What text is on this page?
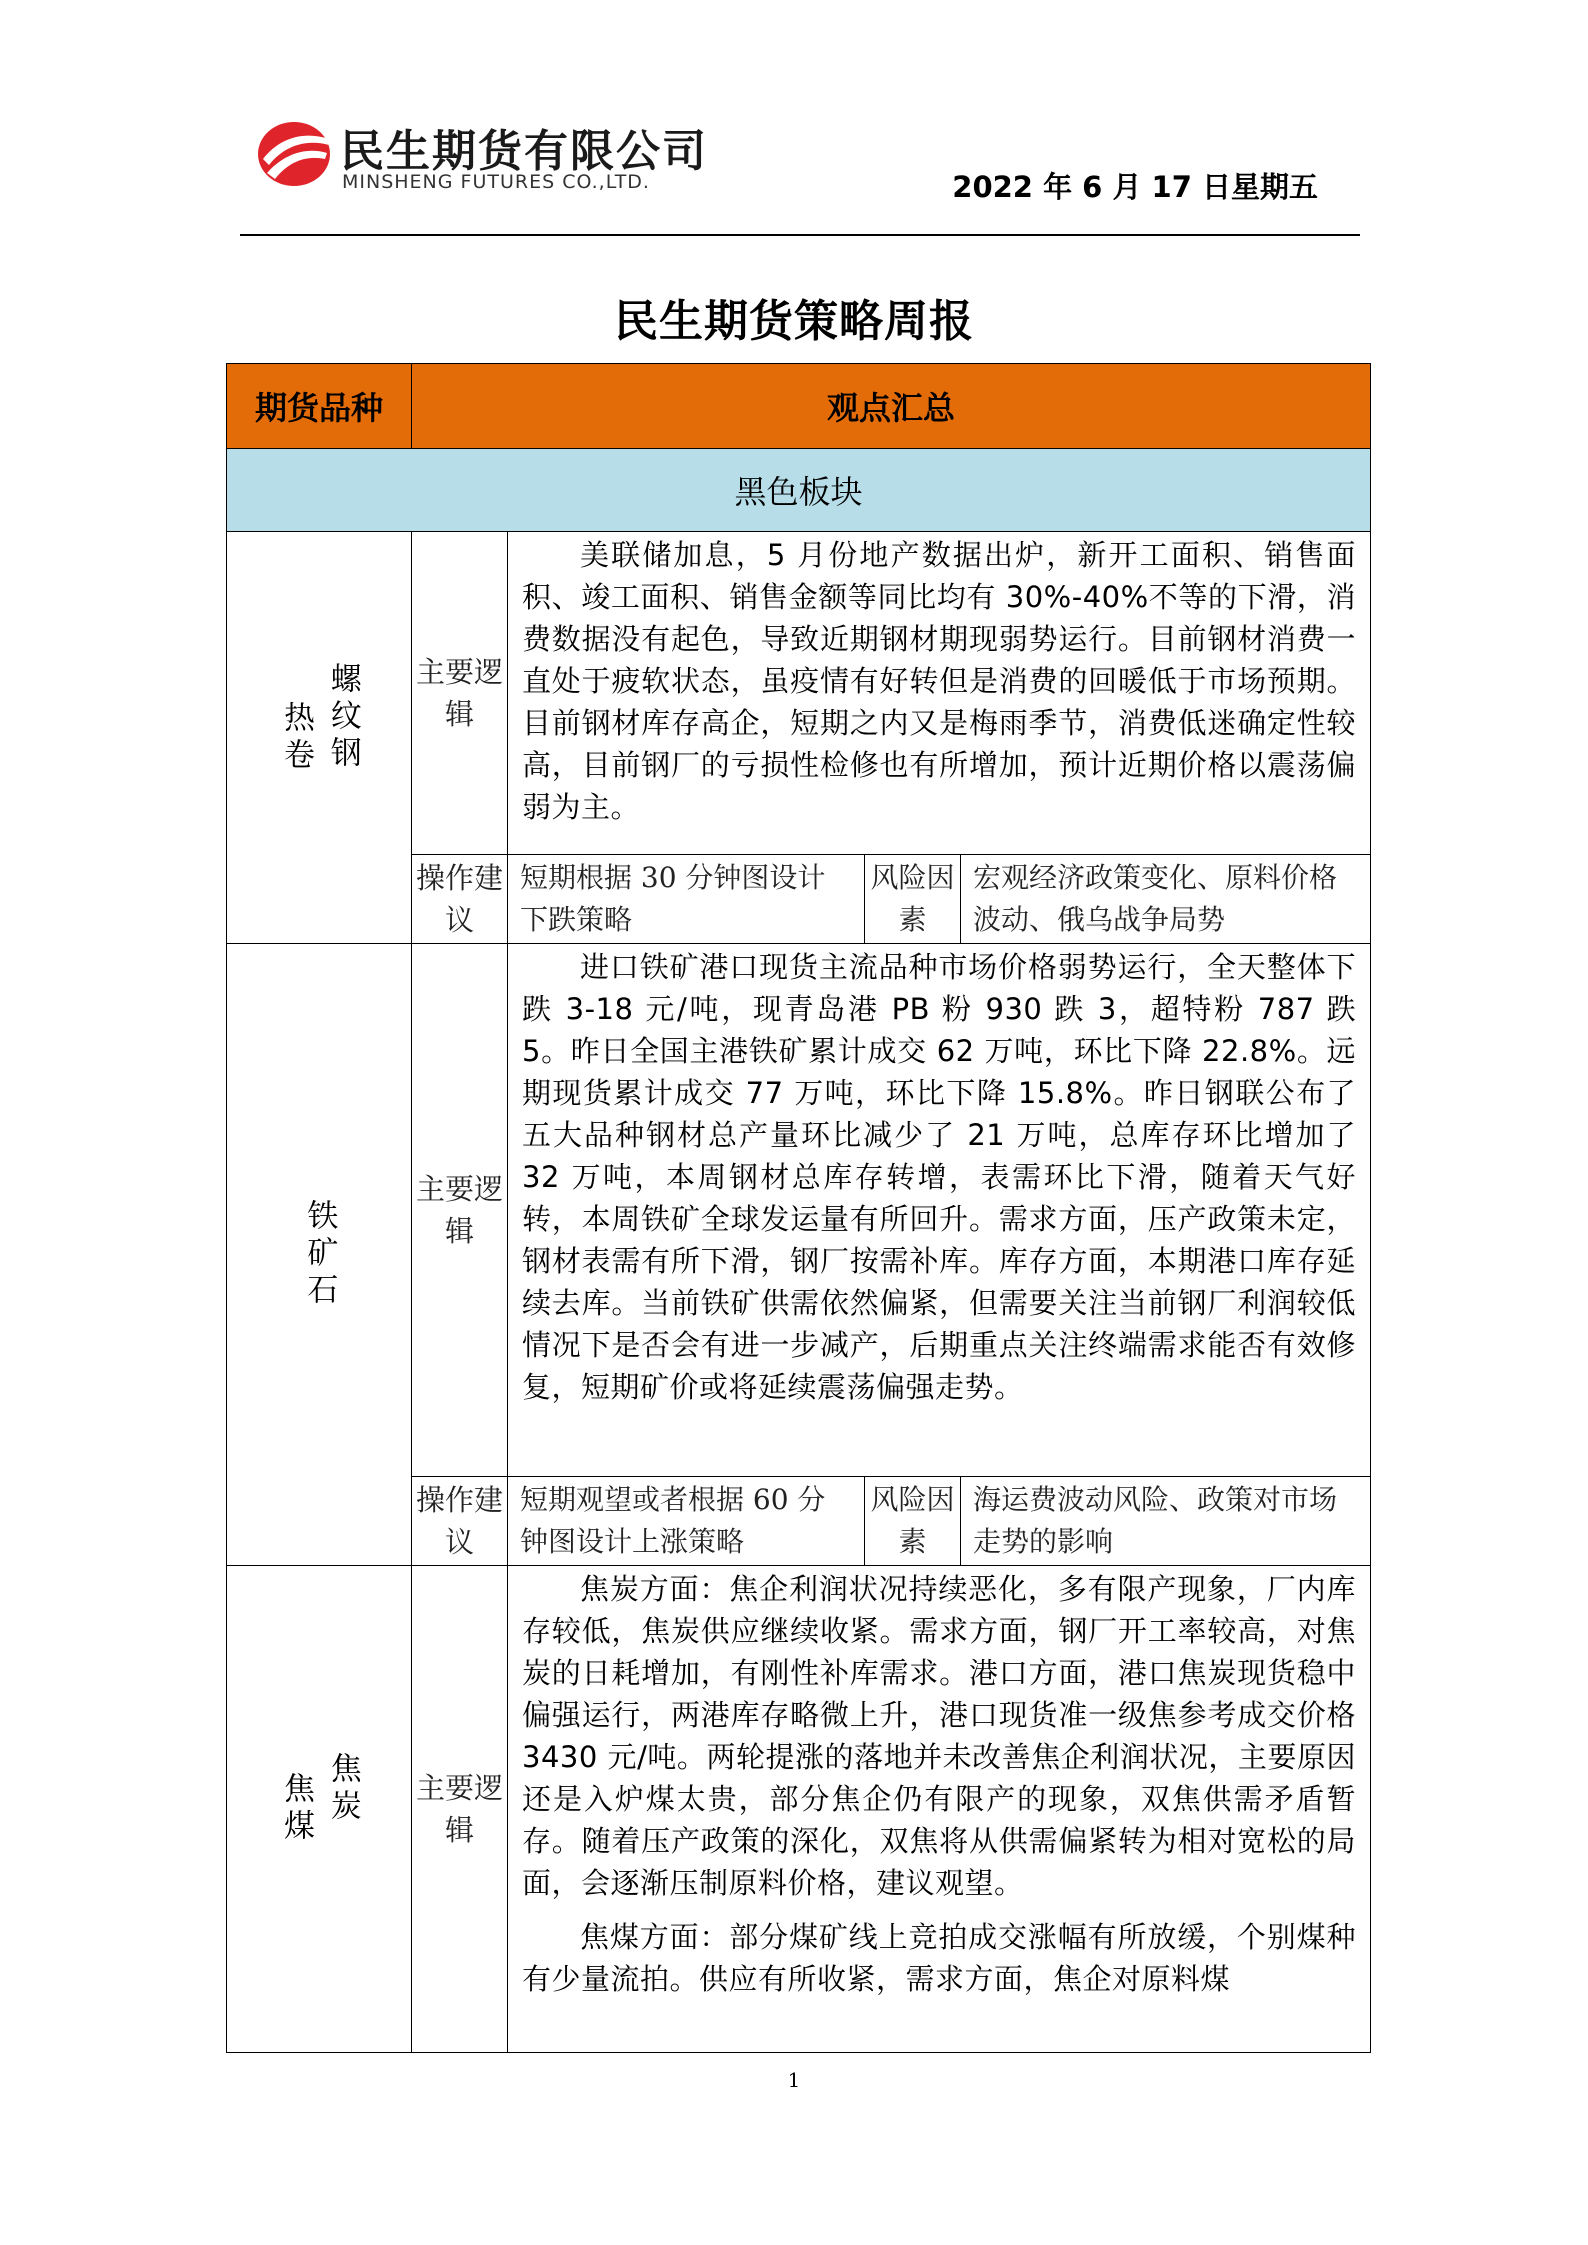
民生期货有限公司
MINSHENG FUTURES CO.,LTD.	2022 年 6 月 17 日星期五
民生期货策略周报
期货品种	观点汇总			
黑色板块				
热卷 螺纹钢	主要逻辑	美联储加息，5 月份地产数据出炉，新开工面积、销售面积、竣工面积、销售金额等同比均有 30%-40%不等的下滑，消费数据没有起色，导致近期钢材期现弱势运行。目前钢材消费一直处于疲软状态，虽疫情有好转但是消费的回暖低于市场预期。目前钢材库存高企，短期之内又是梅雨季节，消费低迷确定性较高，目前钢厂的亏损性检修也有所增加，预计近期价格以震荡偏弱为主。		

	操作建议	短期根据 30 分钟图设计下跌策略	风险因素	宏观经济政策变化、原料价格波动、俄乌战争局势
铁矿石	主要逻辑	进口铁矿港口现货主流品种市场价格弱势运行，全天整体下跌 3-18 元/吨，现青岛港 PB 粉 930 跌 3，超特粉 787 跌 5。昨日全国主港铁矿累计成交 62 万吨，环比下降 22.8%。远期现货累计成交 77 万吨，环比下降 15.8%。昨日钢联公布了五大品种钢材总产量环比减少了 21 万吨，总库存环比增加了 32 万吨，本周钢材总库存转增，表需环比下滑，随着天气好转，本周铁矿全球发运量有所回升。需求方面，压产政策未定，钢材表需有所下滑，钢厂按需补库。库存方面，本期港口库存延续去库。当前铁矿供需依然偏紧，但需要关注当前钢厂利润较低情况下是否会有进一步减产，后期重点关注终端需求能否有效修复，短期矿价或将延续震荡偏强走势。		

	操作建议	短期观望或者根据 60 分钟图设计上涨策略	风险因素	海运费波动风险、政策对市场走势的影响
焦煤 焦炭	主要逻辑	焦炭方面：焦企利润状况持续恶化，多有限产现象，厂内库存较低，焦炭供应继续收紧。需求方面，钢厂开工率较高，对焦炭的日耗增加，有刚性补库需求。港口方面，港口焦炭现货稳中偏强运行，两港库存略微上升，港口现货准一级焦参考成交价格 3430 元/吨。两轮提涨的落地并未改善焦企利润状况，主要原因还是入炉煤太贵，部分焦企仍有限产的现象，双焦供需矛盾暂存。随着压产政策的深化，双焦将从供需偏紧转为相对宽松的局面，会逐渐压制原料价格，建议观望。

焦煤方面：部分煤矿线上竞拍成交涨幅有所放缓，个别煤种有少量流拍。供应有所收紧，需求方面，焦企对原料煤		

1
